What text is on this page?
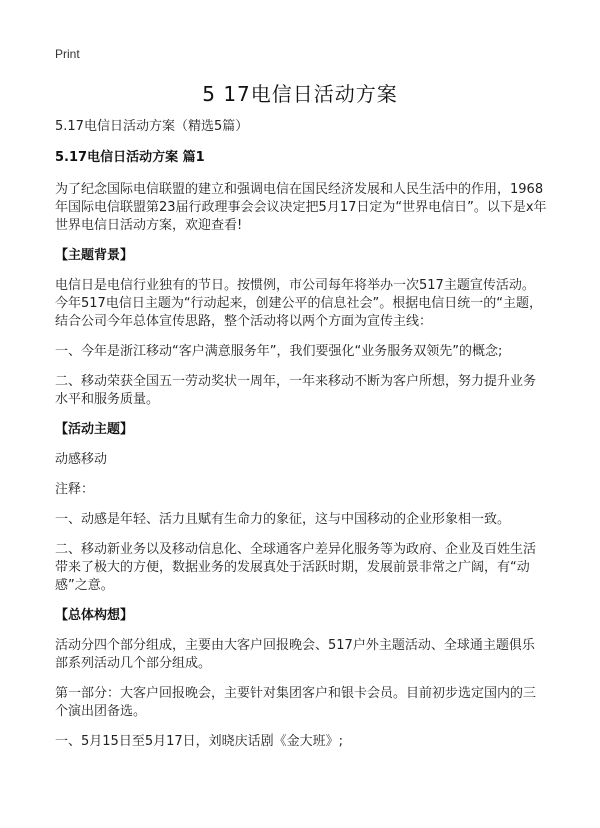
Print
5 17电信日活动方案

5.17电信日活动方案（精选5篇）

5.17电信日活动方案 篇1

为了纪念国际电信联盟的建立和强调电信在国民经济发展和人民生活中的作用，1968年国际电信联盟第23届行政理事会会议决定把5月17日定为“世界电信日”。以下是x年世界电信日活动方案，欢迎查看!

【主题背景】

电信日是电信行业独有的节日。按惯例，市公司每年将举办一次517主题宣传活动。今年517电信日主题为“行动起来，创建公平的信息社会”。根据电信日统一的“主题，结合公司今年总体宣传思路，整个活动将以两个方面为宣传主线：

一、今年是浙江移动“客户满意服务年”，我们要强化“业务服务双领先”的概念;

二、移动荣获全国五一劳动奖状一周年，一年来移动不断为客户所想，努力提升业务水平和服务质量。

【活动主题】

动感移动

注释：

一、动感是年轻、活力且赋有生命力的象征，这与中国移动的企业形象相一致。

二、移动新业务以及移动信息化、全球通客户差异化服务等为政府、企业及百姓生活带来了极大的方便，数据业务的发展真处于活跃时期，发展前景非常之广阔，有“动感”之意。

【总体构想】

活动分四个部分组成，主要由大客户回报晚会、517户外主题活动、全球通主题俱乐部系列活动几个部分组成。

第一部分：大客户回报晚会，主要针对集团客户和银卡会员。目前初步选定国内的三个演出团备选。

一、5月15日至5月17日，刘晓庆话剧《金大班》;
